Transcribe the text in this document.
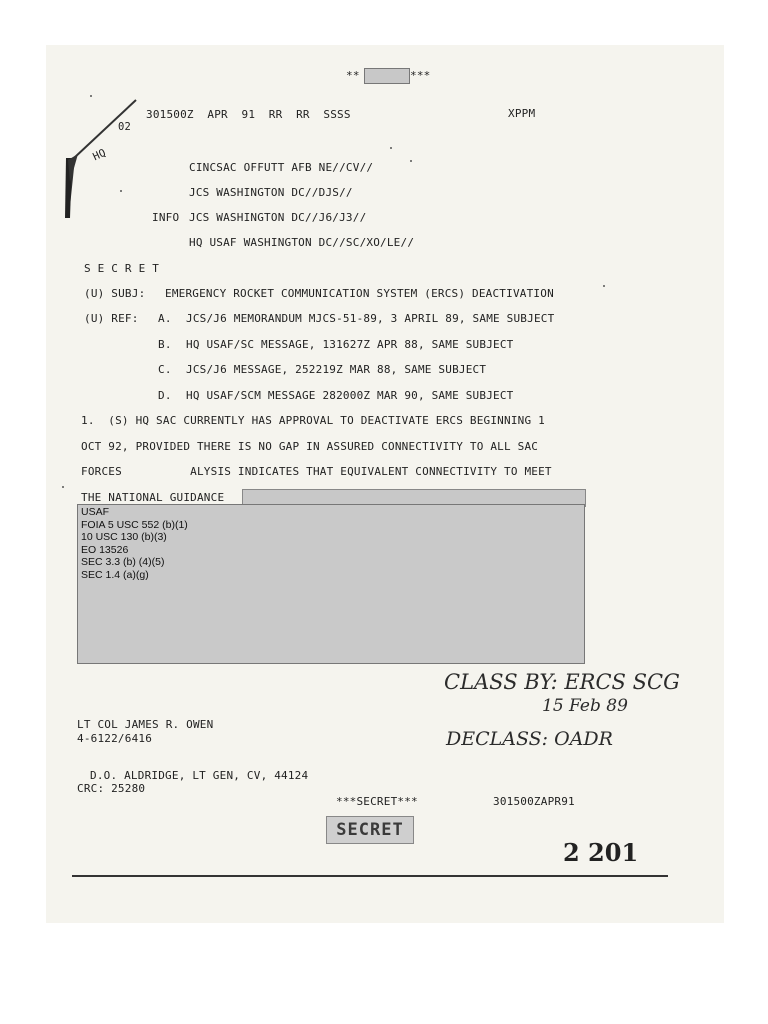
02
HQ
**	***
301500Z  APR  91  RR  RR  SSSS	XPPM
CINCSAC OFFUTT AFB NE//CV//
JCS WASHINGTON DC//DJS//
INFO JCS WASHINGTON DC//J6/J3//
HQ USAF WASHINGTON DC//SC/XO/LE//
S E C R E T
(U) SUBJ: EMERGENCY ROCKET COMMUNICATION SYSTEM (ERCS) DEACTIVATION
(U) REF: A. JCS/J6 MEMORANDUM MJCS-51-89, 3 APRIL 89, SAME SUBJECT
B. HQ USAF/SC MESSAGE, 131627Z APR 88, SAME SUBJECT
C. JCS/J6 MESSAGE, 252219Z MAR 88, SAME SUBJECT
D. HQ USAF/SCM MESSAGE 282000Z MAR 90, SAME SUBJECT
1.  (S) HQ SAC CURRENTLY HAS APPROVAL TO DEACTIVATE ERCS BEGINNING 1
OCT 92, PROVIDED THERE IS NO GAP IN ASSURED CONNECTIVITY TO ALL SAC
FORCES          ALYSIS INDICATES THAT EQUIVALENT CONNECTIVITY TO MEET
THE NATIONAL GUIDANCE
USAF
FOIA 5 USC 552 (b)(1)
10 USC 130 (b)(3)
EO 13526
SEC 3.3 (b) (4)(5)
SEC 1.4 (a)(g)
CLASS BY: ERCS SCG
15 Feb 89
DECLASS: OADR
LT COL JAMES R. OWEN
4-6122/6416
D.O. ALDRIDGE, LT GEN, CV, 44124
CRC: 25280
***SECRET***	301500ZAPR91
SECRET
2 201
